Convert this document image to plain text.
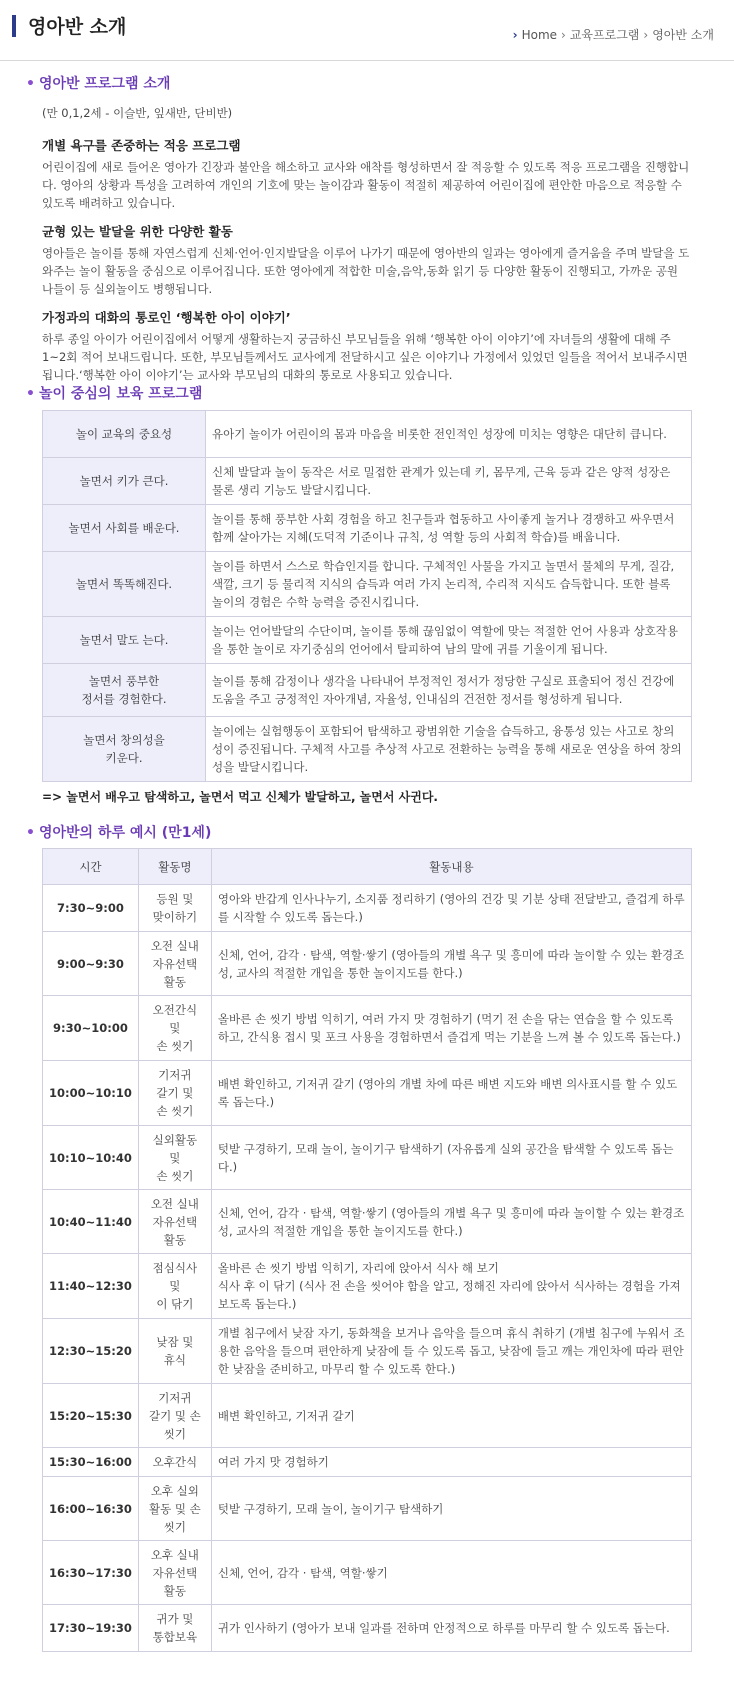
영아반 소개	› Home › 교육프로그램 › 영아반 소개
• 영아반 프로그램 소개

(만 0,1,2세 - 이슬반, 잎새반, 단비반)

개별 욕구를 존중하는 적응 프로그램

어린이집에 새로 들어온 영아가 긴장과 불안을 해소하고 교사와 애착를 형성하면서 잘 적응할 수 있도록 적응 프로그램을 진행합니다. 영아의 상황과 특성을 고려하여 개인의 기호에 맞는 놀이감과 활동이 적절히 제공하여 어린이집에 편안한 마음으로 적응할 수 있도록 배려하고 있습니다.

균형 있는 발달을 위한 다양한 활동

영아들은 놀이를 통해 자연스럽게 신체·언어·인지발달을 이루어 나가기 때문에 영아반의 일과는 영아에게 즐거움을 주며 발달을 도와주는 놀이 활동을 중심으로 이루어집니다. 또한 영아에게 적합한 미술,음악,동화 읽기 등 다양한 활동이 진행되고, 가까운 공원 나들이 등 실외놀이도 병행됩니다.

가정과의 대화의 통로인 ‘행복한 아이 이야기’

하루 종일 아이가 어린이집에서 어떻게 생활하는지 궁금하신 부모님들을 위해 ‘행복한 아이 이야기’에 자녀들의 생활에 대해 주 1~2회 적어 보내드립니다. 또한, 부모님들께서도 교사에게 전달하시고 싶은 이야기나 가정에서 있었던 일들을 적어서 보내주시면 됩니다.‘행복한 아이 이야기’는 교사와 부모님의 대화의 통로로 사용되고 있습니다.

• 놀이 중심의 보육 프로그램
놀이 교육의 중요성	유아기 놀이가 어린이의 몸과 마음을 비롯한 전인적인 성장에 미치는 영향은 대단히 큽니다.
놀면서 키가 큰다.	신체 발달과 놀이 동작은 서로 밀접한 관계가 있는데 키, 몸무게, 근육 등과 같은 양적 성장은 물론 생리 기능도 발달시킵니다.
놀면서 사회를 배운다.	놀이를 통해 풍부한 사회 경험을 하고 친구들과 협동하고 사이좋게 놀거나 경쟁하고 싸우면서 함께 살아가는 지혜(도덕적 기준이나 규칙, 성 역할 등의 사회적 학습)를 배웁니다.
놀면서 똑똑해진다.	놀이를 하면서 스스로 학습인지를 합니다. 구체적인 사물을 가지고 놀면서 물체의 무게, 질감, 색깔, 크기 등 물리적 지식의 습득과 여러 가지 논리적, 수리적 지식도 습득합니다. 또한 블록 놀이의 경험은 수학 능력을 증진시킵니다.
놀면서 말도 는다.	놀이는 언어발달의 수단이며, 놀이를 통해 끊임없이 역할에 맞는 적절한 언어 사용과 상호작용을 통한 놀이로 자기중심의 언어에서 탈피하여 남의 말에 귀를 기울이게 됩니다.
놀면서 풍부한
정서를 경험한다.	놀이를 통해 감정이나 생각을 나타내어 부정적인 정서가 정당한 구실로 표출되어 정신 건강에 도움을 주고 긍정적인 자아개념, 자율성, 인내심의 건전한 정서를 형성하게 됩니다.
놀면서 창의성을
키운다.	놀이에는 실험행동이 포함되어 탐색하고 광범위한 기술을 습득하고, 융통성 있는 사고로 창의성이 증진됩니다. 구체적 사고를 추상적 사고로 전환하는 능력을 통해 새로운 연상을 하여 창의성을 발달시킵니다.
=> 놀면서 배우고 탐색하고, 놀면서 먹고 신체가 발달하고, 놀면서 사귄다.
• 영아반의 하루 예시 (만1세)
시간	활동명	활동내용
7:30~9:00	등원 및
맞이하기	영아와 반갑게 인사나누기, 소지품 정리하기 (영아의 건강 및 기분 상태 전달받고, 즐겁게 하루를 시작할 수 있도록 돕는다.)
9:00~9:30	오전 실내
자유선택
활동	신체, 언어, 감각 · 탐색, 역할·쌓기 (영아들의 개별 욕구 및 흥미에 따라 놀이할 수 있는 환경조성, 교사의 적절한 개입을 통한 놀이지도를 한다.)
9:30~10:00	오전간식
및
손 씻기	올바른 손 씻기 방법 익히기, 여러 가지 맛 경험하기 (먹기 전 손을 닦는 연습을 할 수 있도록 하고, 간식용 접시 및 포크 사용을 경험하면서 즐겁게 먹는 기분을 느껴 볼 수 있도록 돕는다.)
10:00~10:10	기저귀
갈기 및
손 씻기	배변 확인하고, 기저귀 갈기 (영아의 개별 차에 따른 배변 지도와 배변 의사표시를 할 수 있도록 돕는다.)
10:10~10:40	실외활동
및
손 씻기	텃밭 구경하기, 모래 놀이, 놀이기구 탐색하기 (자유롭게 실외 공간을 탐색할 수 있도록 돕는다.)
10:40~11:40	오전 실내
자유선택
활동	신체, 언어, 감각 · 탐색, 역할·쌓기 (영아들의 개별 욕구 및 흥미에 따라 놀이할 수 있는 환경조성, 교사의 적절한 개입을 통한 놀이지도를 한다.)
11:40~12:30	점심식사
및
이 닦기	올바른 손 씻기 방법 익히기, 자리에 앉아서 식사 해 보기
식사 후 이 닦기 (식사 전 손을 씻어야 함을 알고, 정해진 자리에 앉아서 식사하는 경험을 가져 보도록 돕는다.)
12:30~15:20	낮잠 및
휴식	개별 침구에서 낮잠 자기, 동화책을 보거나 음악을 들으며 휴식 취하기 (개별 침구에 누워서 조용한 음악을 들으며 편안하게 낮잠에 들 수 있도록 돕고, 낮잠에 들고 깨는 개인차에 따라 편안한 낮잠을 준비하고, 마무리 할 수 있도록 한다.)
15:20~15:30	기저귀
갈기 및 손
씻기	배변 확인하고, 기저귀 갈기
15:30~16:00	오후간식	여러 가지 맛 경험하기
16:00~16:30	오후 실외
활동 및 손
씻기	텃밭 구경하기, 모래 놀이, 놀이기구 탐색하기
16:30~17:30	오후 실내
자유선택
활동	신체, 언어, 감각 · 탐색, 역할·쌓기
17:30~19:30	귀가 및
통합보육	귀가 인사하기 (영아가 보내 일과를 전하며 안정적으로 하루를 마무리 할 수 있도록 돕는다.
